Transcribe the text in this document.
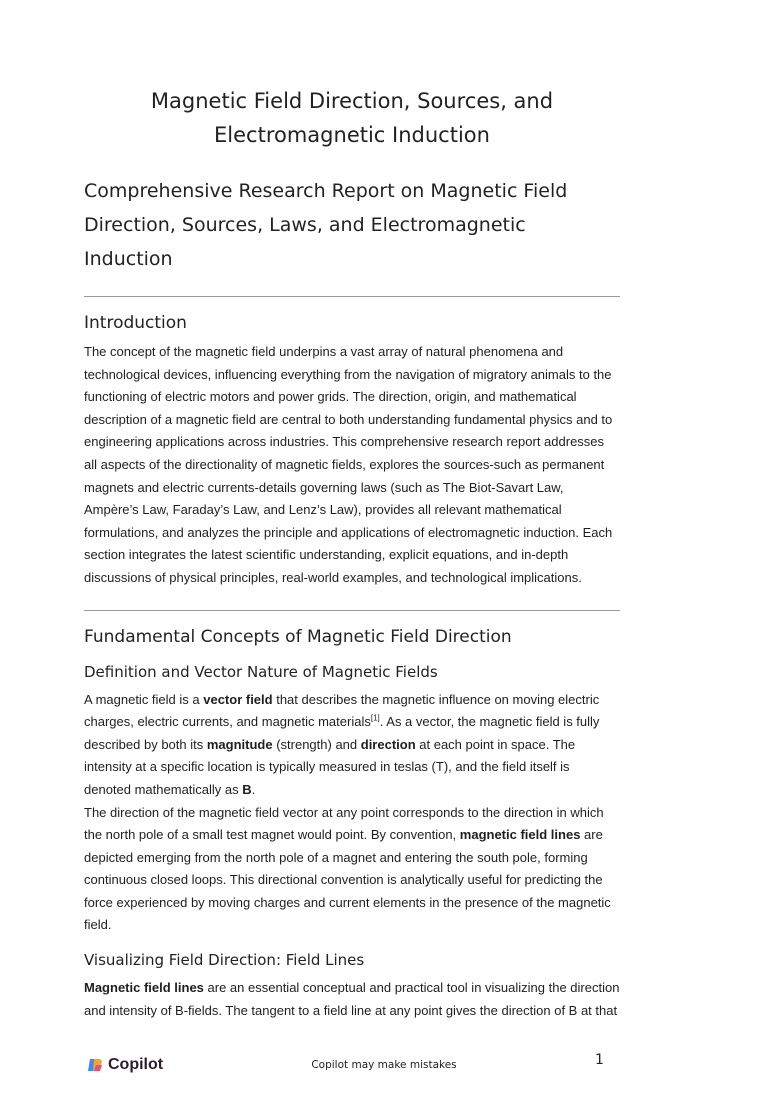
Magnetic Field Direction, Sources, and
Electromagnetic Induction
Comprehensive Research Report on Magnetic Field Direction, Sources, Laws, and Electromagnetic Induction
Introduction
The concept of the magnetic field underpins a vast array of natural phenomena and technological devices, influencing everything from the navigation of migratory animals to the functioning of electric motors and power grids. The direction, origin, and mathematical description of a magnetic field are central to both understanding fundamental physics and to engineering applications across industries. This comprehensive research report addresses all aspects of the directionality of magnetic fields, explores the sources-such as permanent magnets and electric currents-details governing laws (such as The Biot-Savart Law, Ampère’s Law, Faraday’s Law, and Lenz’s Law), provides all relevant mathematical formulations, and analyzes the principle and applications of electromagnetic induction. Each section integrates the latest scientific understanding, explicit equations, and in-depth discussions of physical principles, real-world examples, and technological implications.
Fundamental Concepts of Magnetic Field Direction
Definition and Vector Nature of Magnetic Fields
A magnetic field is a vector field that describes the magnetic influence on moving electric charges, electric currents, and magnetic materials[1]. As a vector, the magnetic field is fully described by both its magnitude (strength) and direction at each point in space. The intensity at a specific location is typically measured in teslas (T), and the field itself is denoted mathematically as B.
The direction of the magnetic field vector at any point corresponds to the direction in which the north pole of a small test magnet would point. By convention, magnetic field lines are depicted emerging from the north pole of a magnet and entering the south pole, forming continuous closed loops. This directional convention is analytically useful for predicting the force experienced by moving charges and current elements in the presence of the magnetic field.
Visualizing Field Direction: Field Lines
Magnetic field lines are an essential conceptual and practical tool in visualizing the direction and intensity of B-fields. The tangent to a field line at any point gives the direction of B at that
Copilot	Copilot may make mistakes	1
